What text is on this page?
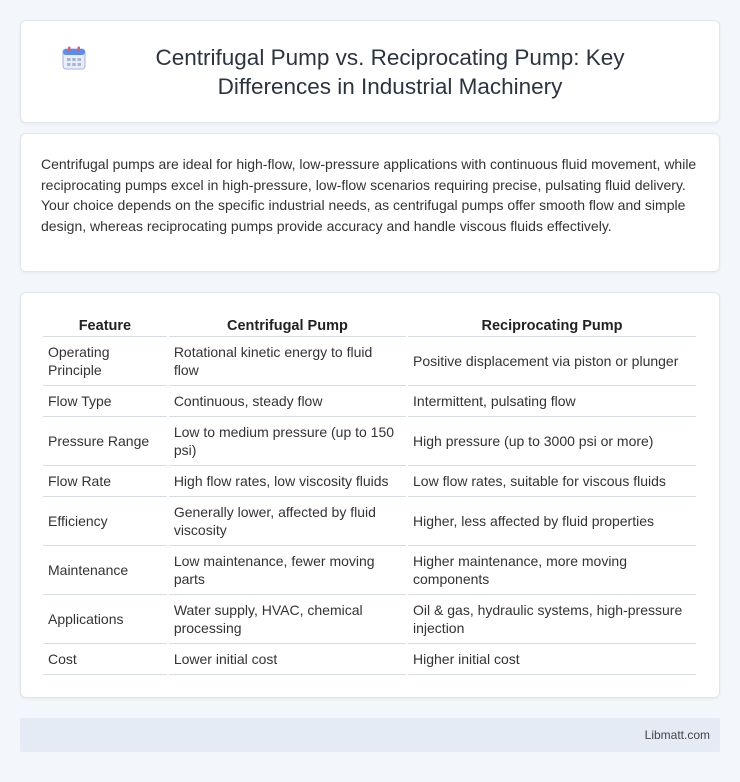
Centrifugal Pump vs. Reciprocating Pump: Key Differences in Industrial Machinery

Centrifugal pumps are ideal for high-flow, low-pressure applications with continuous fluid movement, while reciprocating pumps excel in high-pressure, low-flow scenarios requiring precise, pulsating fluid delivery. Your choice depends on the specific industrial needs, as centrifugal pumps offer smooth flow and simple design, whereas reciprocating pumps provide accuracy and handle viscous fluids effectively.

Feature	Centrifugal Pump	Reciprocating Pump
Operating Principle	Rotational kinetic energy to fluid flow	Positive displacement via piston or plunger
Flow Type	Continuous, steady flow	Intermittent, pulsating flow
Pressure Range	Low to medium pressure (up to 150 psi)	High pressure (up to 3000 psi or more)
Flow Rate	High flow rates, low viscosity fluids	Low flow rates, suitable for viscous fluids
Efficiency	Generally lower, affected by fluid viscosity	Higher, less affected by fluid properties
Maintenance	Low maintenance, fewer moving parts	Higher maintenance, more moving components
Applications	Water supply, HVAC, chemical processing	Oil & gas, hydraulic systems, high-pressure injection
Cost	Lower initial cost	Higher initial cost
Libmatt.com
